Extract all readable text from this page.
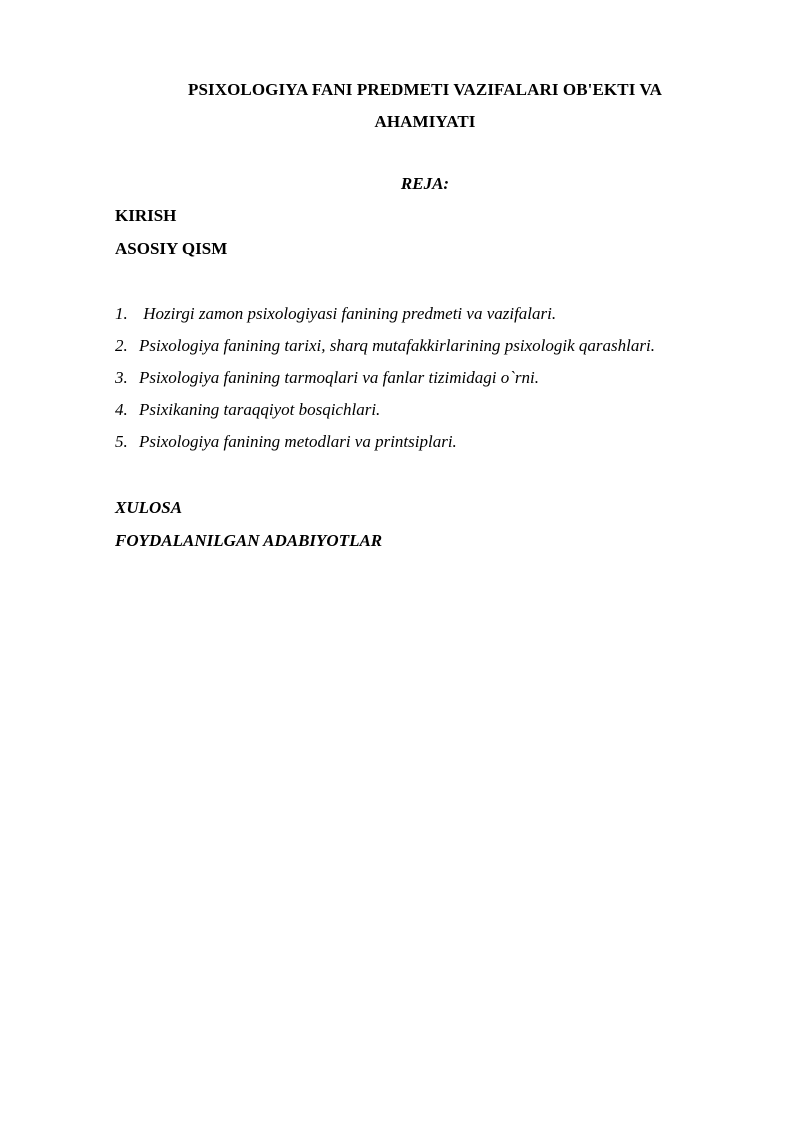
PSIXOLOGIYA FANI PREDMETI VAZIFALARI OB'EKTI VA
AHAMIYATI
REJA:
KIRISH
ASOSIY QISM
1. Hozirgi zamon psixologiyasi fanining predmeti va vazifalari.
2. Psixologiya fanining tarixi, sharq mutafakkirlarining psixologik qarashlari.
3. Psixologiya fanining tarmoqlari va fanlar tizimidagi o`rni.
4. Psixikaning taraqqiyot bosqichlari.
5. Psixologiya fanining metodlari va printsiplari.
XULOSA
FOYDALANILGAN ADABIYOTLAR
